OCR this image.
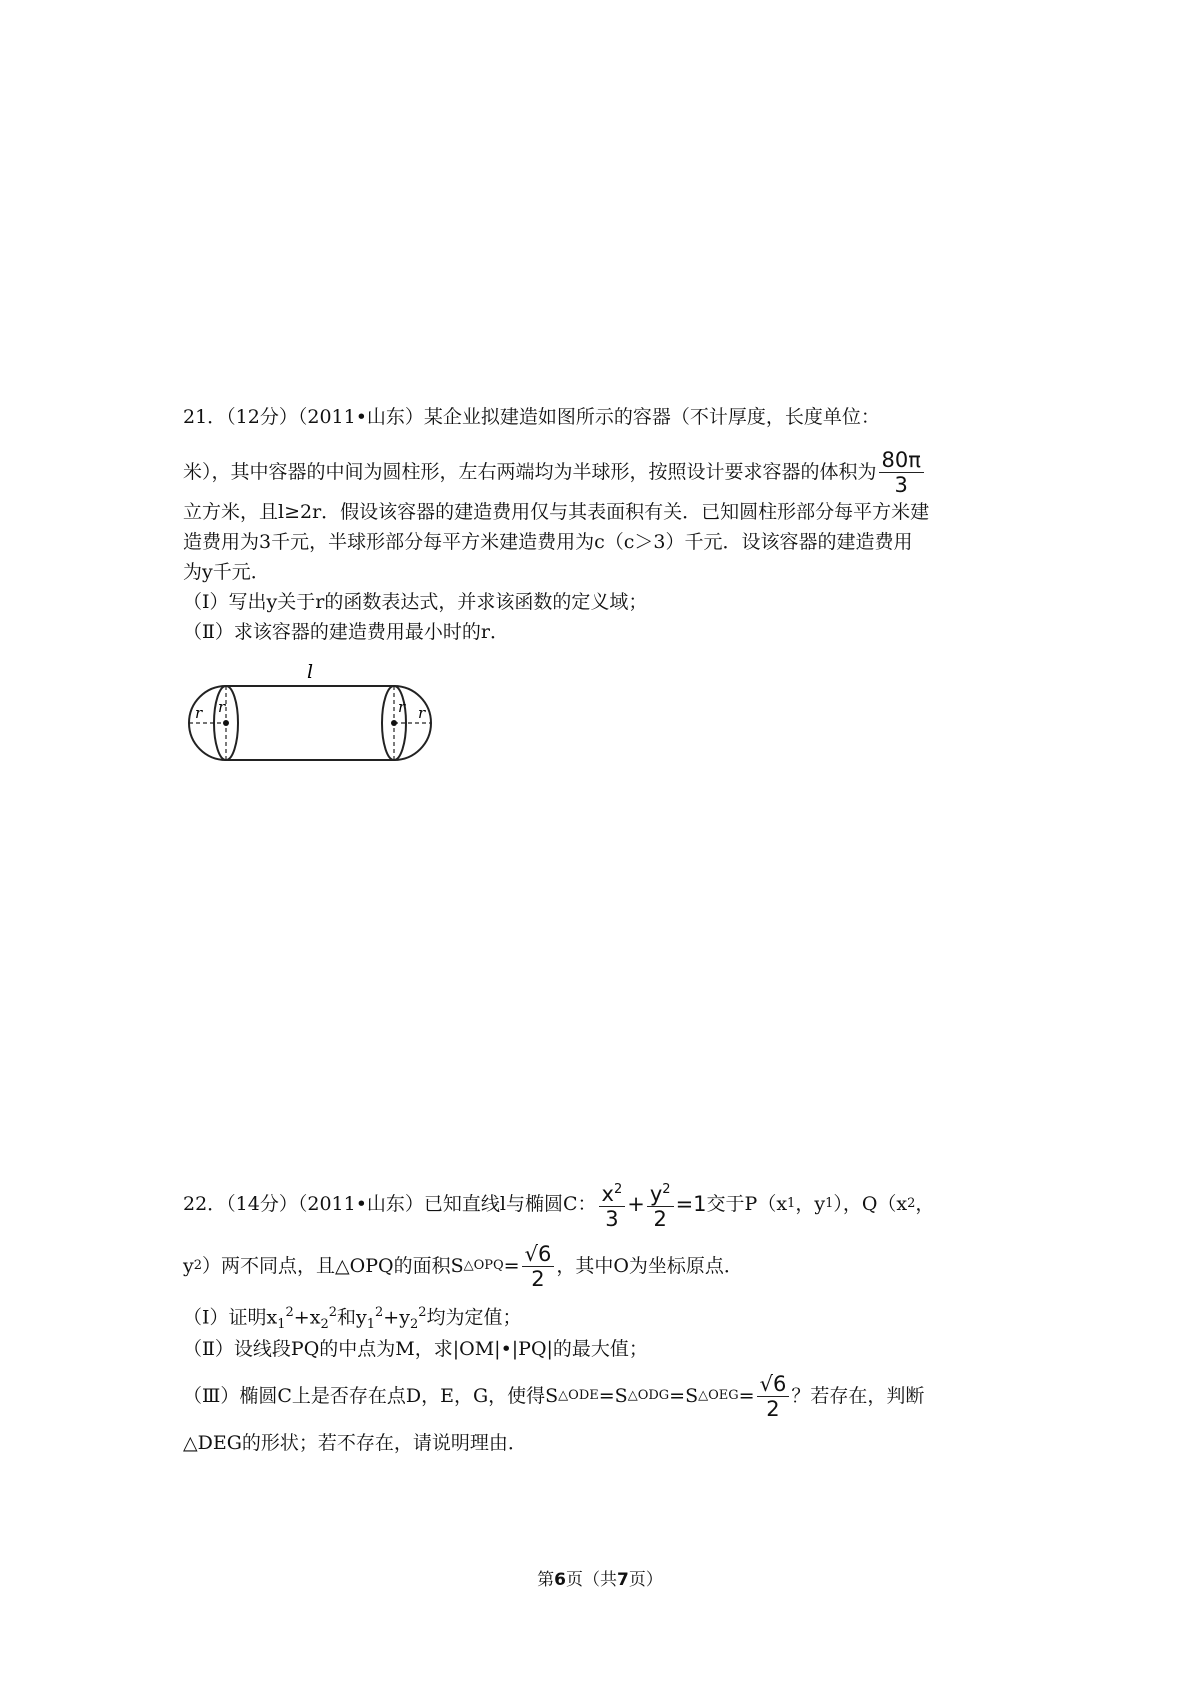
21．（12分）（2011•山东）某企业拟建造如图所示的容器（不计厚度，长度单位：
米），其中容器的中间为圆柱形，左右两端均为半球形，按照设计要求容器的体积为 $\frac{80\pi}{3}$
立方米，且l≥2r．假设该容器的建造费用仅与其表面积有关．已知圆柱形部分每平方米建
造费用为3千元，半球形部分每平方米建造费用为c（c＞3）千元．设该容器的建造费用
为y千元．
（Ⅰ）写出y关于r的函数表达式，并求该函数的定义域；
（Ⅱ）求该容器的建造费用最小时的r．
l
r r	r r
22．（14分）（2011•山东）已知直线l与椭圆C： $\frac{x^2}{3} + \frac{y^2}{2} =1$ 交于P（x 1 ，y 1 ），Q（x 2 ，
y 2 ）两不同点，且△OPQ的面积S △OPQ = $\frac{√6}{2}$ ，其中O为坐标原点．
（Ⅰ）证明$x_1^2+x_2^2$和$y_1^2+y_2^2$均为定值；
（Ⅱ）设线段PQ的中点为M，求|OM|•|PQ|的最大值；
（Ⅲ）椭圆C上是否存在点D，E，G，使得S △ODE = S △ODG = S △OEG = $\frac{√6}{2}$ ？若存在，判断
△DEG的形状；若不存在，请说明理由．
第6页（共7页）
